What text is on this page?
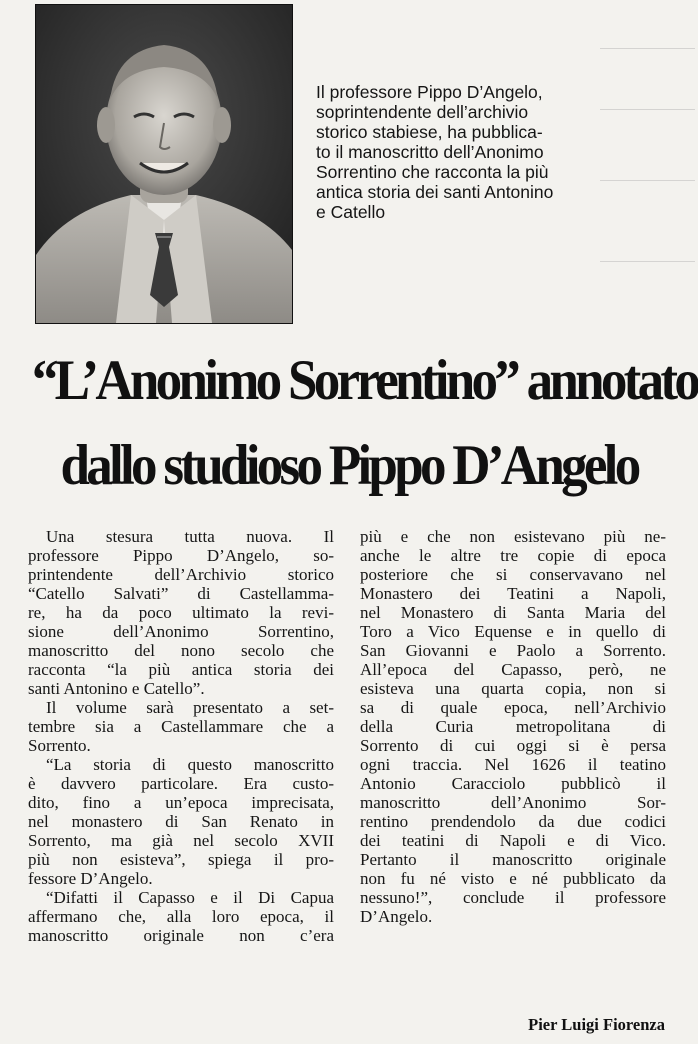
Il professore Pippo D’Angelo,
soprintendente dell’archivio
storico stabiese, ha pubblica-
to il manoscritto dell’Anonimo
Sorrentino che racconta la più
antica storia dei santi Antonino
e Catello
“L’Anonimo Sorrentino” annotato
dallo studioso Pippo D’Angelo
Una stesura tutta nuova. Il
professore Pippo D’Angelo, so-
printendente dell’Archivio storico
“Catello Salvati” di Castellamma-
re, ha da poco ultimato la revi-
sione dell’Anonimo Sorrentino,
manoscritto del nono secolo che
racconta “la più antica storia dei
santi Antonino e Catello”.
Il volume sarà presentato a set-
tembre sia a Castellammare che a
Sorrento.
“La storia di questo manoscritto
è davvero particolare. Era custo-
dito, fino a un’epoca imprecisata,
nel monastero di San Renato in
Sorrento, ma già nel secolo XVII
più non esisteva”, spiega il pro-
fessore D’Angelo.
“Difatti il Capasso e il Di Capua
affermano che, alla loro epoca, il
manoscritto originale non c’era
più e che non esistevano più ne-
anche le altre tre copie di epoca
posteriore che si conservavano nel
Monastero dei Teatini a Napoli,
nel Monastero di Santa Maria del
Toro a Vico Equense e in quello di
San Giovanni e Paolo a Sorrento.
All’epoca del Capasso, però, ne
esisteva una quarta copia, non si
sa di quale epoca, nell’Archivio
della Curia metropolitana di
Sorrento di cui oggi si è persa
ogni traccia. Nel 1626 il teatino
Antonio Caracciolo pubblicò il
manoscritto dell’Anonimo Sor-
rentino prendendolo da due codici
dei teatini di Napoli e di Vico.
Pertanto il manoscritto originale
non fu né visto e né pubblicato da
nessuno!”, conclude il professore
D’Angelo.
Pier Luigi Fiorenza
